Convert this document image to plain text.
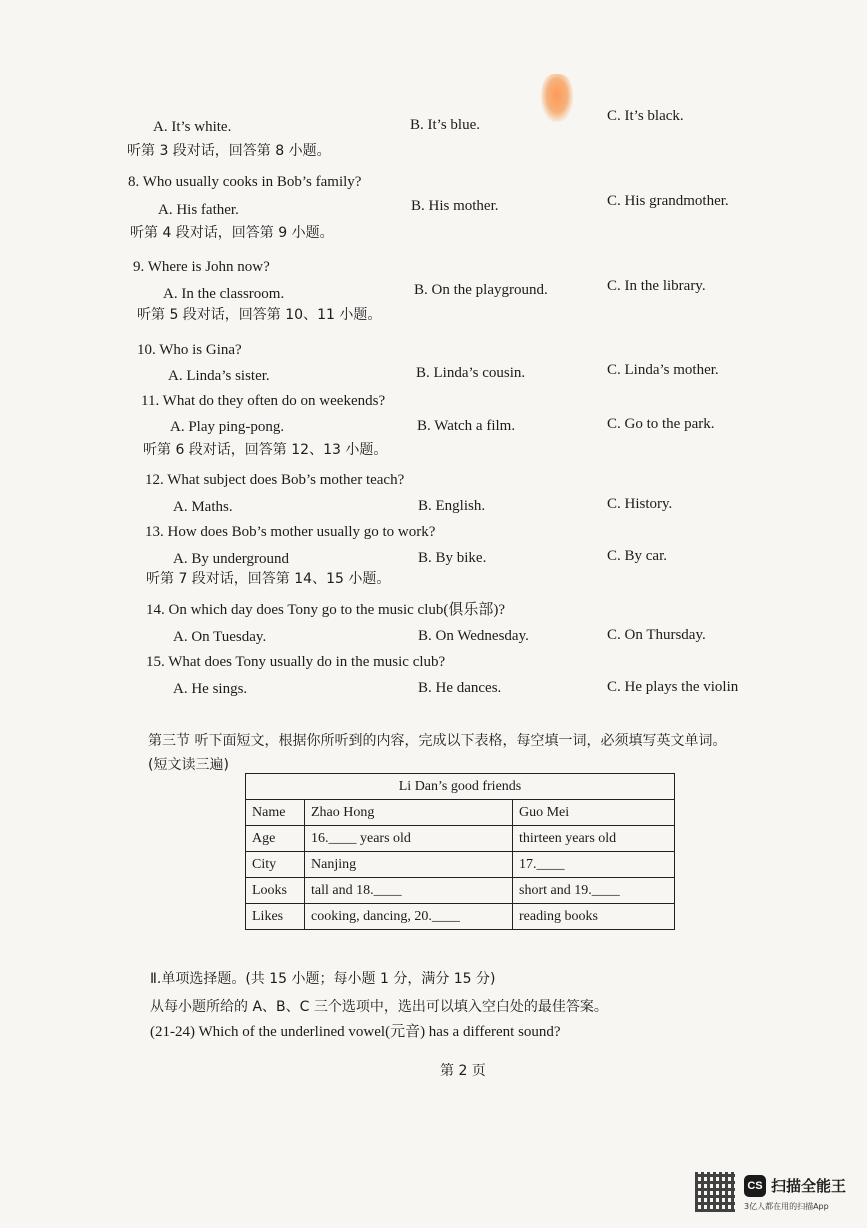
A. It’s white.	B. It’s blue.
C. It’s black.
听第 3 段对话，回答第 8 小题。
8. Who usually cooks in Bob’s family?
A. His father.	B. His mother.	C. His grandmother.
听第 4 段对话，回答第 9 小题。
9. Where is John now?
A. In the classroom.	B. On the playground.	C. In the library.
听第 5 段对话，回答第 10、11 小题。
10. Who is Gina?
A. Linda’s sister.	B. Linda’s cousin.	C. Linda’s mother.
11. What do they often do on weekends?
A. Play ping-pong.	B. Watch a film.	C. Go to the park.
听第 6 段对话，回答第 12、13 小题。
12. What subject does Bob’s mother teach?
A. Maths.	B. English.	C. History.
13. How does Bob’s mother usually go to work?
A. By underground	B. By bike.	C. By car.
听第 7 段对话，回答第 14、15 小题。
14. On which day does Tony go to the music club(俱乐部)?
A. On Tuesday.	B. On Wednesday.	C. On Thursday.
15. What does Tony usually do in the music club?
A. He sings.	B. He dances.	C. He plays the violin
第三节 听下面短文，根据你所听到的内容，完成以下表格，每空填一词，必须填写英文单词。
(短文读三遍)
Ⅱ.单项选择题。(共 15 小题；每小题 1 分，满分 15 分)
从每小题所给的 A、B、C 三个选项中，选出可以填入空白处的最佳答案。
(21-24) Which of the underlined vowel(元音) has a different sound?
第 2 页
Li Dan’s good friends		
Name	Zhao Hong	Guo Mei
Age	16.____ years old	thirteen years old
City	Nanjing	17.____
Looks	tall and 18.____	short and 19.____
Likes	cooking, dancing, 20.____	reading books
CS 扫描全能王
3亿人都在用的扫描App
